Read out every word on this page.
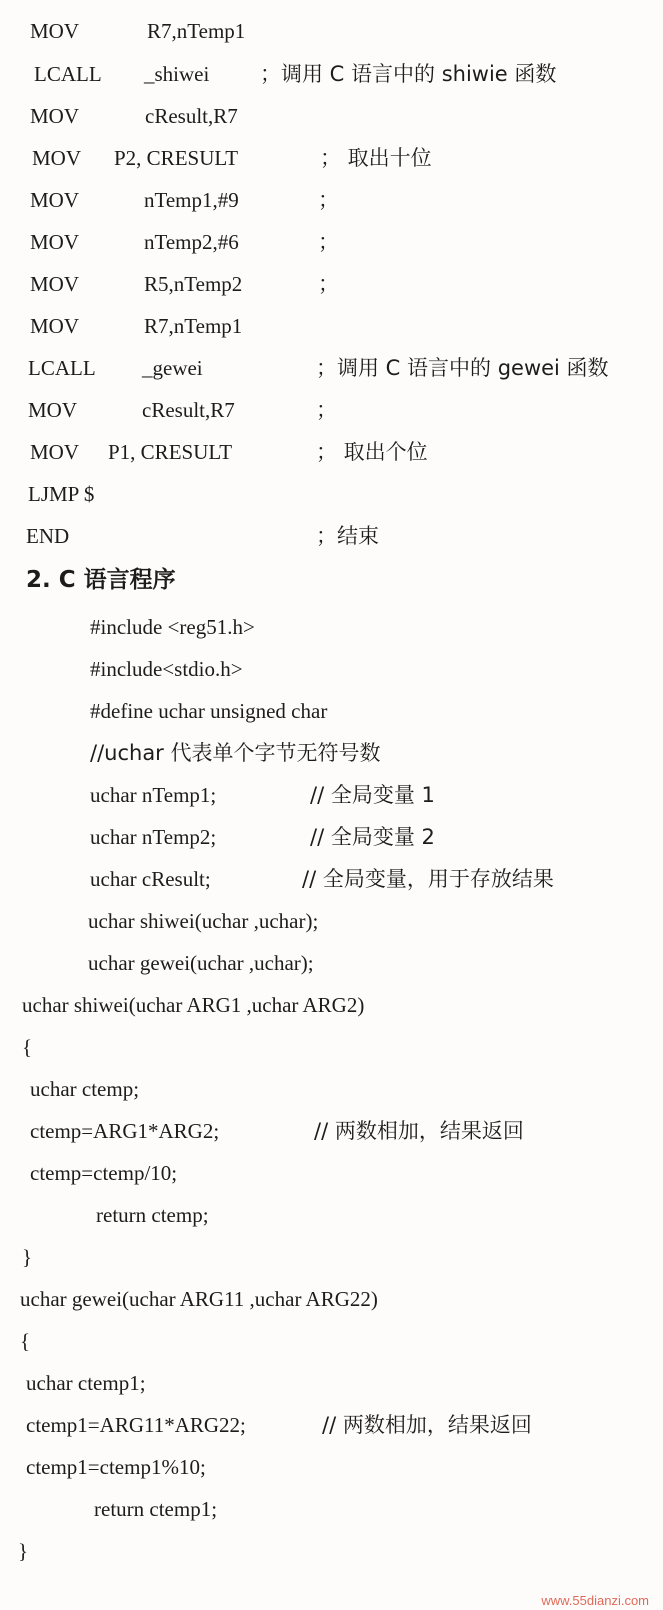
MOV	R7,nTemp1
LCALL _shiwei ；调用 C 语言中的 shiwie 函数
MOV	cResult,R7
MOV P2, CRESULT	； 取出十位
MOV	nTemp1,#9	；
MOV	nTemp2,#6	；
MOV	R5,nTemp2	；
MOV	R7,nTemp1
LCALL _gewei	；调用 C 语言中的 gewei 函数
MOV	cResult,R7	；
MOV P1, CRESULT	； 取出个位
LJMP $
END	；结束
2. C 语言程序
#include <reg51.h>
#include<stdio.h>
#define uchar unsigned char
//uchar 代表单个字节无符号数
uchar nTemp1;	// 全局变量 1
uchar nTemp2;	// 全局变量 2
uchar cResult;	// 全局变量，用于存放结果
uchar shiwei(uchar ,uchar);
uchar gewei(uchar ,uchar);
uchar shiwei(uchar ARG1 ,uchar ARG2)
{
uchar ctemp;
ctemp=ARG1*ARG2;	// 两数相加，结果返回
ctemp=ctemp/10;
return ctemp;
}
uchar gewei(uchar ARG11 ,uchar ARG22)
{
uchar ctemp1;
ctemp1=ARG11*ARG22;	// 两数相加，结果返回
ctemp1=ctemp1%10;
return ctemp1;
}
www.55dianzi.com
